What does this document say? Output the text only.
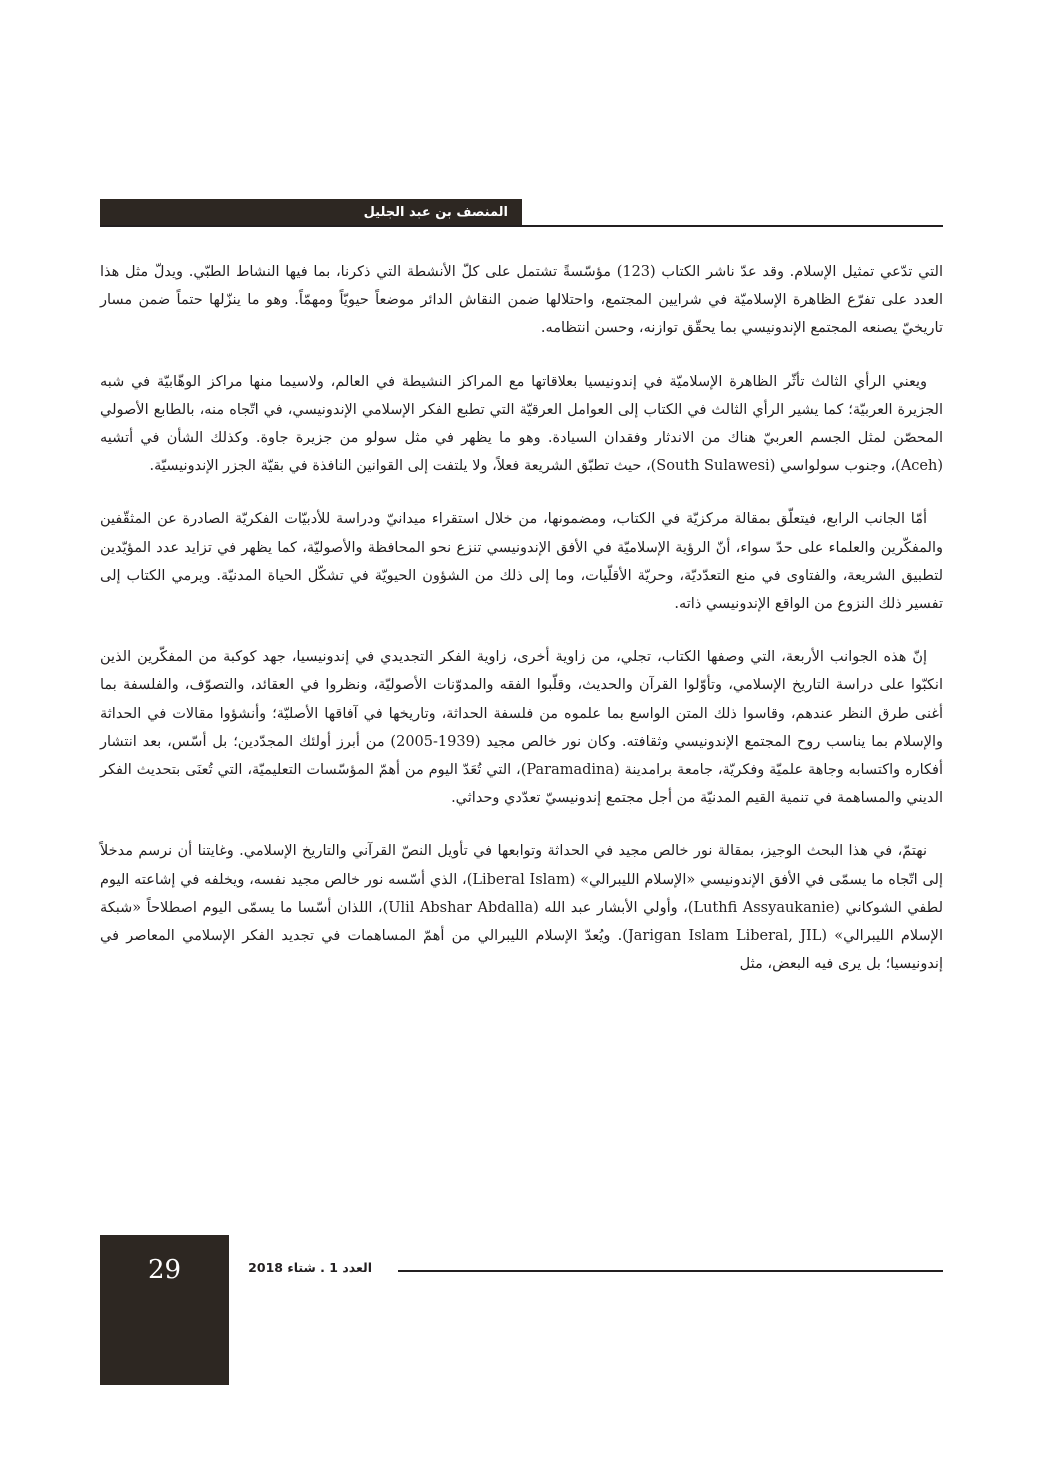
المنصف بن عبد الجليل

التي تدّعي تمثيل الإسلام. وقد عدّ ناشر الكتاب (123) مؤسّسةً تشتمل على كلّ الأنشطة التي ذكرنا، بما فيها النشاط الطبّي. ويدلّ مثل هذا العدد على تفرّع الظاهرة الإسلاميّة في شرايين المجتمع، واحتلالها ضمن النقاش الدائر موضعاً حيويّاً ومهمّاً. وهو ما ينزّلها حتماً ضمن مسار تاريخيّ يصنعه المجتمع الإندونيسي بما يحقّق توازنه، وحسن انتظامه.

ويعني الرأي الثالث تأثّر الظاهرة الإسلاميّة في إندونيسيا بعلاقاتها مع المراكز النشيطة في العالم، ولاسيما منها مراكز الوهّابيّة في شبه الجزيرة العربيّة؛ كما يشير الرأي الثالث في الكتاب إلى العوامل العرقيّة التي تطبع الفكر الإسلامي الإندونيسي، في اتّجاه منه، بالطابع الأصولي المحصّن لمثل الجسم العربيّ هناك من الاندثار وفقدان السيادة. وهو ما يظهر في مثل سولو من جزيرة جاوة. وكذلك الشأن في أتشيه (Aceh)، وجنوب سولواسي (South Sulawesi)، حيث تطبّق الشريعة فعلاً، ولا يلتفت إلى القوانين النافذة في بقيّة الجزر الإندونيسيّة.

أمّا الجانب الرابع، فيتعلّق بمقالة مركزيّة في الكتاب، ومضمونها، من خلال استقراء ميدانيّ ودراسة للأدبيّات الفكريّة الصادرة عن المثقّفين والمفكّرين والعلماء على حدّ سواء، أنّ الرؤية الإسلاميّة في الأفق الإندونيسي تنزع نحو المحافظة والأصوليّة، كما يظهر في تزايد عدد المؤيّدين لتطبيق الشريعة، والفتاوى في منع التعدّديّة، وحريّة الأقلّيات، وما إلى ذلك من الشؤون الحيويّة في تشكّل الحياة المدنيّة. ويرمي الكتاب إلى تفسير ذلك النزوع من الواقع الإندونيسي ذاته.

إنّ هذه الجوانب الأربعة، التي وصفها الكتاب، تجلي، من زاوية أخرى، زاوية الفكر التجديدي في إندونيسيا، جهد كوكبة من المفكّرين الذين انكبّوا على دراسة التاريخ الإسلامي، وتأوّلوا القرآن والحديث، وقلّبوا الفقه والمدوّنات الأصوليّة، ونظروا في العقائد، والتصوّف، والفلسفة بما أغنى طرق النظر عندهم، وقاسوا ذلك المتن الواسع بما علموه من فلسفة الحداثة، وتاريخها في آفاقها الأصليّة؛ وأنشؤوا مقالات في الحداثة والإسلام بما يناسب روح المجتمع الإندونيسي وثقافته. وكان نور خالص مجيد (1939-2005) من أبرز أولئك المجدّدين؛ بل أسّس، بعد انتشار أفكاره واكتسابه وجاهة علميّة وفكريّة، جامعة برامدينة (Paramadina)، التي تُعَدّ اليوم من أهمّ المؤسّسات التعليميّة، التي تُعنَى بتحديث الفكر الديني والمساهمة في تنمية القيم المدنيّة من أجل مجتمع إندونيسيّ تعدّدي وحداثي.

نهتمّ، في هذا البحث الوجيز، بمقالة نور خالص مجيد في الحداثة وتوابعها في تأويل النصّ القرآني والتاريخ الإسلامي. وغايتنا أن نرسم مدخلاً إلى اتّجاه ما يسمّى في الأفق الإندونيسي «الإسلام الليبرالي» (Liberal Islam)، الذي أسّسه نور خالص مجيد نفسه، ويخلفه في إشاعته اليوم لطفي الشوكاني (Luthfi Assyaukanie)، وأولي الأبشار عبد الله (Ulil Abshar Abdalla)، اللذان أسّسا ما يسمّى اليوم اصطلاحاً «شبكة الإسلام الليبرالي» (Jarigan Islam Liberal, JIL). ويُعدّ الإسلام الليبرالي من أهمّ المساهمات في تجديد الفكر الإسلامي المعاصر في إندونيسيا؛ بل يرى فيه البعض، مثل

29	العدد 1 . شتاء 2018
